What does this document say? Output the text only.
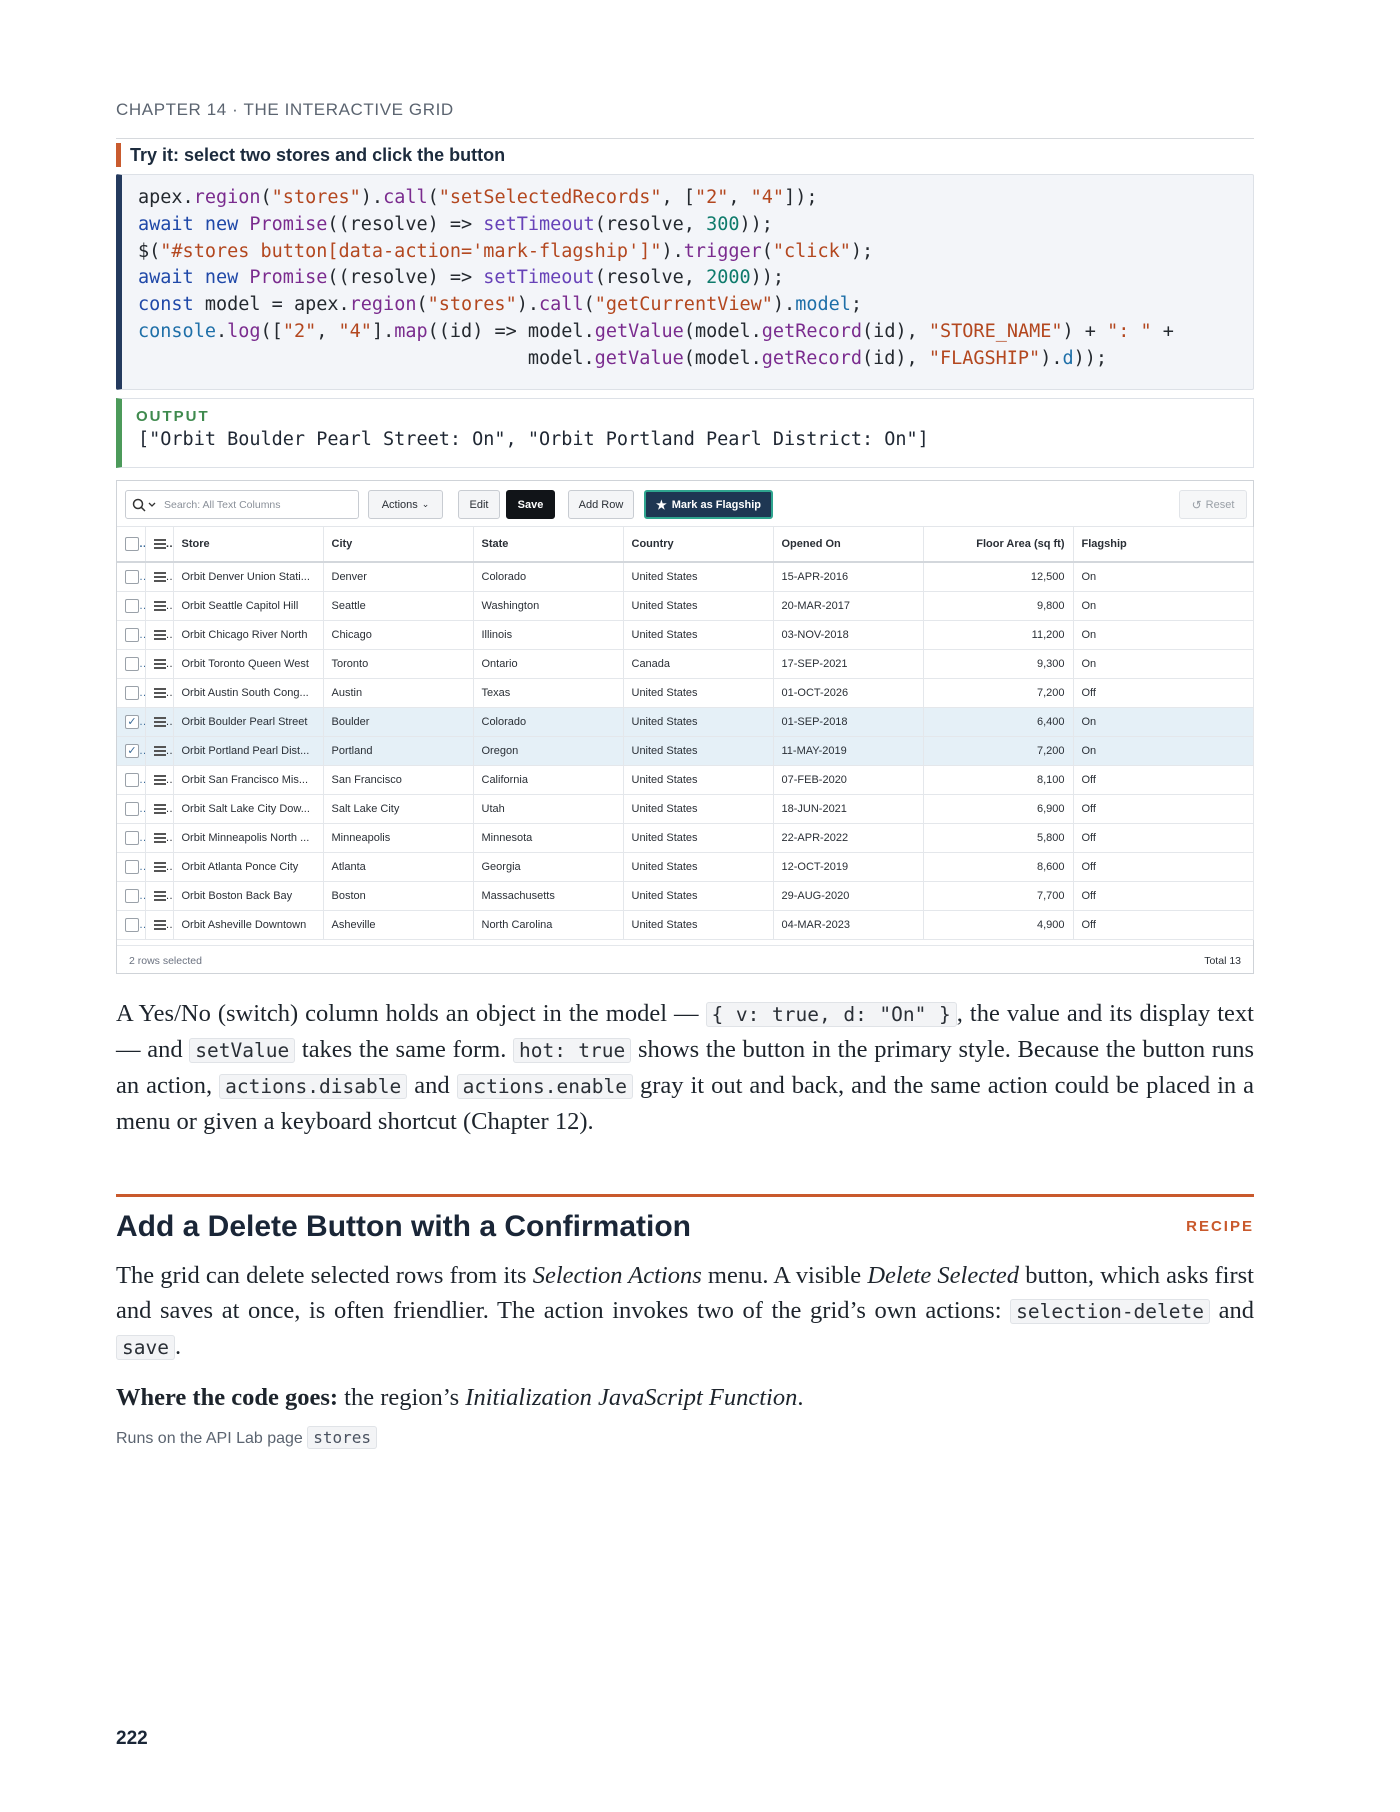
CHAPTER 14 · THE INTERACTIVE GRID
Try it: select two stores and click the button
apex.region("stores").call("setSelectedRecords", ["2", "4"]);
await new Promise((resolve) => setTimeout(resolve, 300));
$("#stores button[data-action='mark-flagship']").trigger("click");
await new Promise((resolve) => setTimeout(resolve, 2000));
const model = apex.region("stores").call("getCurrentView").model;
console.log(["2", "4"].map((id) => model.getValue(model.getRecord(id), "STORE_NAME") + ": " +
model.getValue(model.getRecord(id), "FLAGSHIP").d));
OUTPUT
["Orbit Boulder Pearl Street: On", "Orbit Portland Pearl District: On"]
Search: All Text Columns	Actions ⌄	Edit	Save	Add Row	★ Mark as Flagship	↺ Reset
		Store	City	State	Country	Opened On	Floor Area (sq ft)	Flagship
		Orbit Denver Union Stati...	Denver	Colorado	United States	15-APR-2016	12,500	On
		Orbit Seattle Capitol Hill	Seattle	Washington	United States	20-MAR-2017	9,800	On
		Orbit Chicago River North	Chicago	Illinois	United States	03-NOV-2018	11,200	On
		Orbit Toronto Queen West	Toronto	Ontario	Canada	17-SEP-2021	9,300	On
		Orbit Austin South Cong...	Austin	Texas	United States	01-OCT-2026	7,200	Off
✓		Orbit Boulder Pearl Street	Boulder	Colorado	United States	01-SEP-2018	6,400	On
✓		Orbit Portland Pearl Dist...	Portland	Oregon	United States	11-MAY-2019	7,200	On
		Orbit San Francisco Mis...	San Francisco	California	United States	07-FEB-2020	8,100	Off
		Orbit Salt Lake City Dow...	Salt Lake City	Utah	United States	18-JUN-2021	6,900	Off
		Orbit Minneapolis North ...	Minneapolis	Minnesota	United States	22-APR-2022	5,800	Off
		Orbit Atlanta Ponce City	Atlanta	Georgia	United States	12-OCT-2019	8,600	Off
		Orbit Boston Back Bay	Boston	Massachusetts	United States	29-AUG-2020	7,700	Off
		Orbit Asheville Downtown	Asheville	North Carolina	United States	04-MAR-2023	4,900	Off
2 rows selected	Total 13
A Yes/No (switch) column holds an object in the model — { v: true, d: "On" } , the value and its display text — and setValue takes the same form. hot: true shows the button in the primary style. Because the button runs an action, actions.disable and actions.enable gray it out and back, and the same action could be placed in a menu or given a keyboard shortcut (Chapter 12).
Add a Delete Button with a Confirmation	RECIPE
The grid can delete selected rows from its Selection Actions menu. A visible Delete Selected button, which asks first and saves at once, is often friendlier. The action invokes two of the grid’s own actions: selection-delete and save .
Where the code goes: the region’s Initialization JavaScript Function.
Runs on the API Lab page stores
222
